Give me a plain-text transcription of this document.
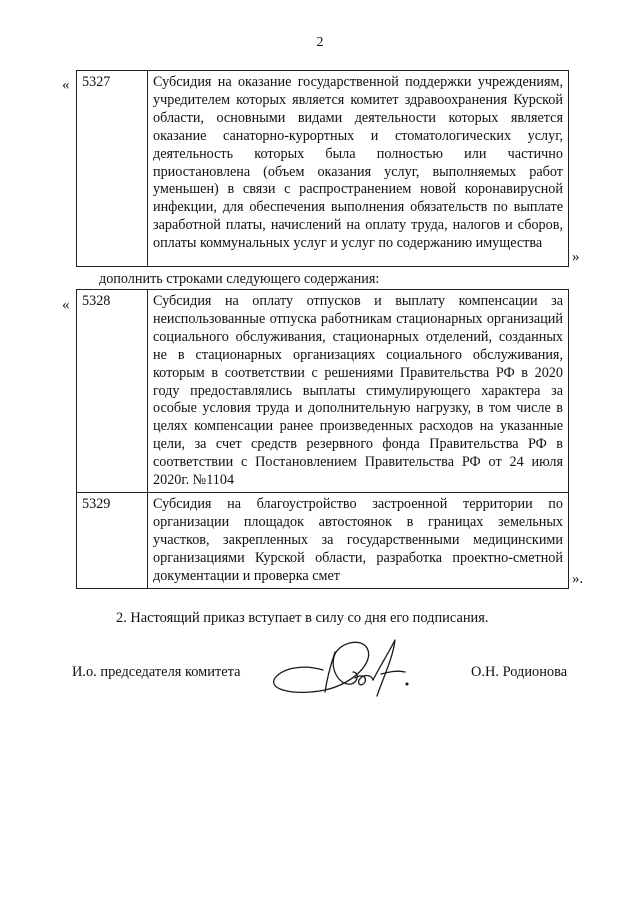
2
« 5327	Субсидия на оказание государственной поддержки учреждениям, учредителем которых является комитет здравоохранения Курской области, основными видами деятельности которых является оказание санаторно-курортных и стоматологических услуг, деятельность которых была полностью или частично приостановлена (объем оказания услуг, выполняемых работ уменьшен) в связи с распространением новой коронавирусной инфекции, для обеспечения выполнения обязательств по выплате заработной платы, начислений на оплату труда, налогов и сборов, оплаты коммунальных услуг и услуг по содержанию имущества
»
дополнить строками следующего содержания:
« 5328	Субсидия на оплату отпусков и выплату компенсации за неиспользованные отпуска работникам стационарных организаций социального обслуживания, стационарных отделений, созданных не в стационарных организациях социального обслуживания, которым в соответствии с решениями Правительства РФ в 2020 году предоставлялись выплаты стимулирующего характера за особые условия труда и дополнительную нагрузку, в том числе в целях компенсации ранее произведенных расходов на указанные цели, за счет средств резервного фонда Правительства РФ в соответствии с Постановлением Правительства РФ от 24 июля 2020г. №1104
5329	Субсидия на благоустройство застроенной территории по организации площадок автостоянок в границах земельных участков, закрепленных за государственными медицинскими организациями Курской области, разработка проектно-сметной документации и проверка смет	».
2. Настоящий приказ вступает в силу со дня его подписания.
И.о. председателя комитета	О.Н. Родионова
